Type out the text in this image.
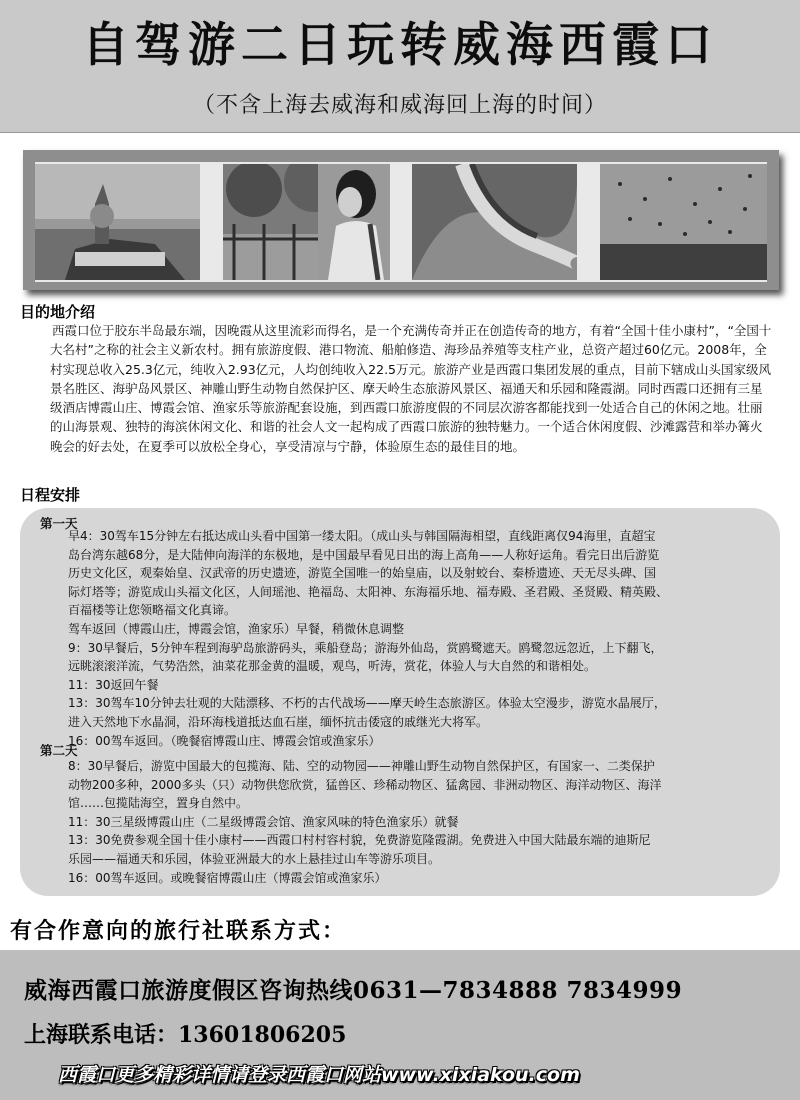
自驾游二日玩转威海西霞口
（不含上海去威海和威海回上海的时间）
目的地介绍
西霞口位于胶东半岛最东端，因晚霞从这里流彩而得名，是一个充满传奇并正在创造传奇的地方，有着“全国十佳小康村”，“全国十大名村”之称的社会主义新农村。拥有旅游度假、港口物流、船舶修造、海珍品养殖等支柱产业，总资产超过60亿元。2008年，全村实现总收入25.3亿元，纯收入2.93亿元，人均创纯收入22.5万元。旅游产业是西霞口集团发展的重点，目前下辖成山头国家级风景名胜区、海驴岛风景区、神雕山野生动物自然保护区、摩天岭生态旅游风景区、福通天和乐园和隆霞湖。同时西霞口还拥有三星级酒店博霞山庄、博霞会馆、渔家乐等旅游配套设施，到西霞口旅游度假的不同层次游客都能找到一处适合自己的休闲之地。壮丽的山海景观、独特的海滨休闲文化、和谐的社会人文一起构成了西霞口旅游的独特魅力。一个适合休闲度假、沙滩露营和举办篝火晚会的好去处，在夏季可以放松全身心，享受清凉与宁静，体验原生态的最佳目的地。
日程安排
第一天
早4：30驾车15分钟左右抵达成山头看中国第一缕太阳。（成山头与韩国隔海相望，直线距离仅94海里，直超宝
岛台湾东越68分，是大陆伸向海洋的东极地，是中国最早看见日出的海上高角——人称好运角。看完日出后游览
历史文化区，观秦始皇、汉武帝的历史遗迹，游览全国唯一的始皇庙，以及射蛟台、秦桥遗迹、天无尽头碑、国
际灯塔等；游览成山头福文化区，人间瑶池、艳福岛、太阳神、东海福乐地、福寿殿、圣君殿、圣贤殿、精英殿、
百福楼等让您领略福文化真谛。
驾车返回（博霞山庄，博霞会馆，渔家乐）早餐，稍微休息调整
9：30早餐后，5分钟车程到海驴岛旅游码头，乘船登岛；游海外仙岛，赏鸥鹭遮天。鸥鹭忽远忽近，上下翻飞，
远眺滚滚洋流，气势浩然，油菜花那金黄的温暖，观鸟，听涛，赏花，体验人与大自然的和谐相处。
11：30返回午餐
13：30驾车10分钟去壮观的大陆漂移、不朽的古代战场——摩天岭生态旅游区。体验太空漫步，游览水晶展厅，
进入天然地下水晶洞，沿环海栈道抵达血石崖，缅怀抗击倭寇的戚继光大将军。
16：00驾车返回。（晚餐宿博霞山庄、博霞会馆或渔家乐）
第二天
8：30早餐后，游览中国最大的包揽海、陆、空的动物园——神雕山野生动物自然保护区，有国家一、二类保护
动物200多种，2000多头（只）动物供您欣赏，猛兽区、珍稀动物区、猛禽园、非洲动物区、海洋动物区、海洋
馆……包揽陆海空，置身自然中。
11：30三星级博霞山庄（二星级博霞会馆、渔家风味的特色渔家乐）就餐
13：30免费参观全国十佳小康村——西霞口村村容村貌，免费游览隆霞湖。免费进入中国大陆最东端的迪斯尼
乐园——福通天和乐园，体验亚洲最大的水上悬挂过山车等游乐项目。
16：00驾车返回。或晚餐宿博霞山庄（博霞会馆或渔家乐）
有合作意向的旅行社联系方式：
威海西霞口旅游度假区咨询热线0631—7834888 7834999
上海联系电话：13601806205
西霞口更多精彩详情请登录西霞口网站www.xixiakou.com
